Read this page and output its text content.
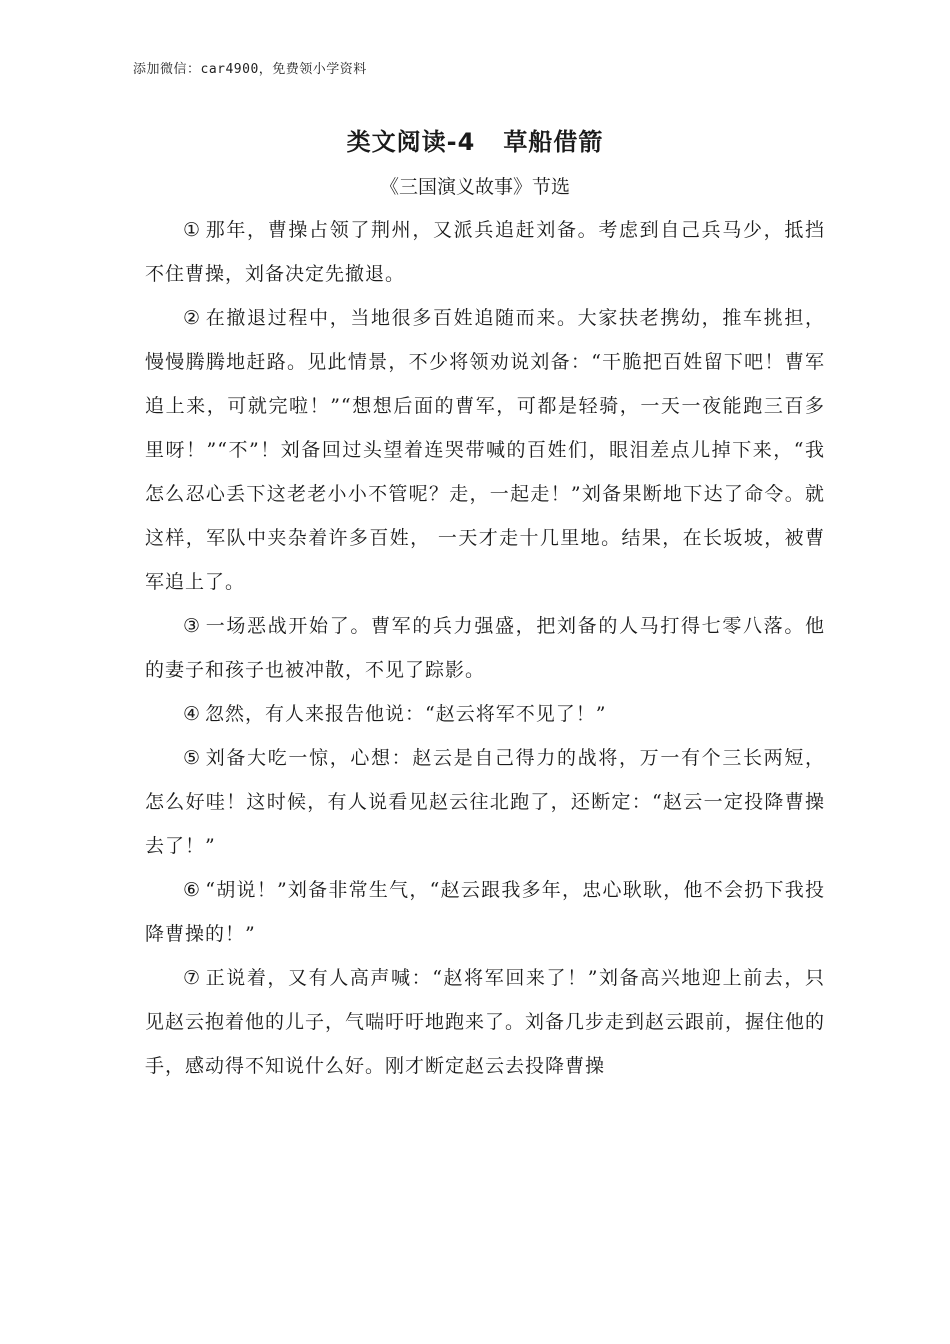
添加微信：car4900，免费领小学资料
类文阅读-4 草船借箭
《三国演义故事》节选

① 那年，曹操占领了荆州，又派兵追赶刘备。考虑到自己兵马少，抵挡不住曹操，刘备决定先撤退。

② 在撤退过程中，当地很多百姓追随而来。大家扶老携幼，推车挑担，慢慢腾腾地赶路。见此情景，不少将领劝说刘备：“干脆把百姓留下吧！曹军追上来，可就完啦！”“想想后面的曹军，可都是轻骑，一天一夜能跑三百多里呀！”“不”！刘备回过头望着连哭带喊的百姓们，眼泪差点儿掉下来，“我怎么忍心丢下这老老小小不管呢？走，一起走！”刘备果断地下达了命令。就这样，军队中夹杂着许多百姓， 一天才走十几里地。结果，在长坂坡，被曹军追上了。

③ 一场恶战开始了。曹军的兵力强盛，把刘备的人马打得七零八落。他的妻子和孩子也被冲散，不见了踪影。

④ 忽然，有人来报告他说：“赵云将军不见了！”

⑤ 刘备大吃一惊，心想：赵云是自己得力的战将，万一有个三长两短，怎么好哇！这时候，有人说看见赵云往北跑了，还断定：“赵云一定投降曹操去了！”

⑥ “胡说！”刘备非常生气，“赵云跟我多年，忠心耿耿，他不会扔下我投降曹操的！”

⑦ 正说着，又有人高声喊：“赵将军回来了！”刘备高兴地迎上前去，只见赵云抱着他的儿子，气喘吁吁地跑来了。刘备几步走到赵云跟前，握住他的手，感动得不知说什么好。刚才断定赵云去投降曹操
